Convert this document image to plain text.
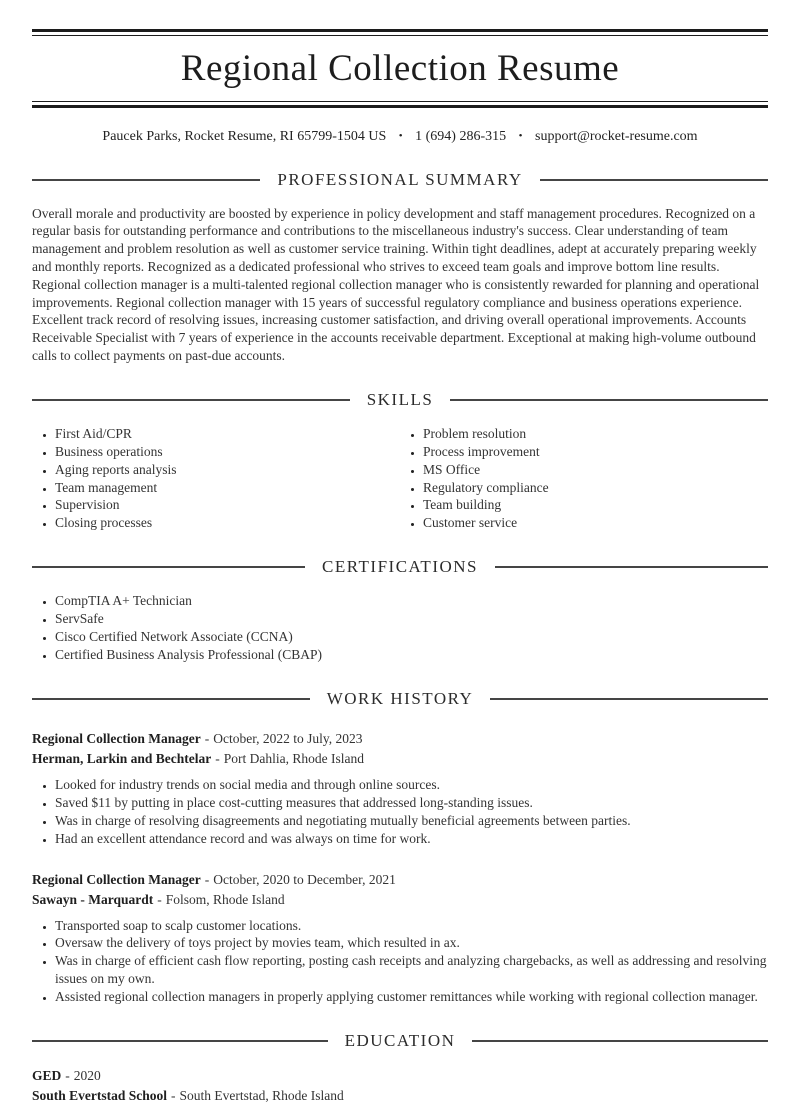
Regional Collection Resume
Paucek Parks, Rocket Resume, RI 65799-1504 US • 1 (694) 286-315 • support@rocket-resume.com
PROFESSIONAL SUMMARY

Overall morale and productivity are boosted by experience in policy development and staff management procedures. Recognized on a regular basis for outstanding performance and contributions to the miscellaneous industry's success. Clear understanding of team management and problem resolution as well as customer service training. Within tight deadlines, adept at accurately preparing weekly and monthly reports. Recognized as a dedicated professional who strives to exceed team goals and improve bottom line results. Regional collection manager is a multi-talented regional collection manager who is consistently rewarded for planning and operational improvements. Regional collection manager with 15 years of successful regulatory compliance and business operations experience. Excellent track record of resolving issues, increasing customer satisfaction, and driving overall operational improvements. Accounts Receivable Specialist with 7 years of experience in the accounts receivable department. Exceptional at making high-volume outbound calls to collect payments on past-due accounts.

SKILLS
• First Aid/CPR
• Business operations
• Aging reports analysis
• Team management
• Supervision
• Closing processes
• Problem resolution
• Process improvement
• MS Office
• Regulatory compliance
• Team building
• Customer service
CERTIFICATIONS
• CompTIA A+ Technician
• ServSafe
• Cisco Certified Network Associate (CCNA)
• Certified Business Analysis Professional (CBAP)
WORK HISTORY

Regional Collection Manager - October, 2022 to July, 2023

Herman, Larkin and Bechtelar - Port Dahlia, Rhode Island

• Looked for industry trends on social media and through online sources.
• Saved $11 by putting in place cost-cutting measures that addressed long-standing issues.
• Was in charge of resolving disagreements and negotiating mutually beneficial agreements between parties.
• Had an excellent attendance record and was always on time for work.

Regional Collection Manager - October, 2020 to December, 2021

Sawayn - Marquardt - Folsom, Rhode Island

• Transported soap to scalp customer locations.
• Oversaw the delivery of toys project by movies team, which resulted in ax.
• Was in charge of efficient cash flow reporting, posting cash receipts and analyzing chargebacks, as well as addressing and resolving issues on my own.
• Assisted regional collection managers in properly applying customer remittances while working with regional collection manager.
EDUCATION

GED - 2020

South Evertstad School - South Evertstad, Rhode Island
